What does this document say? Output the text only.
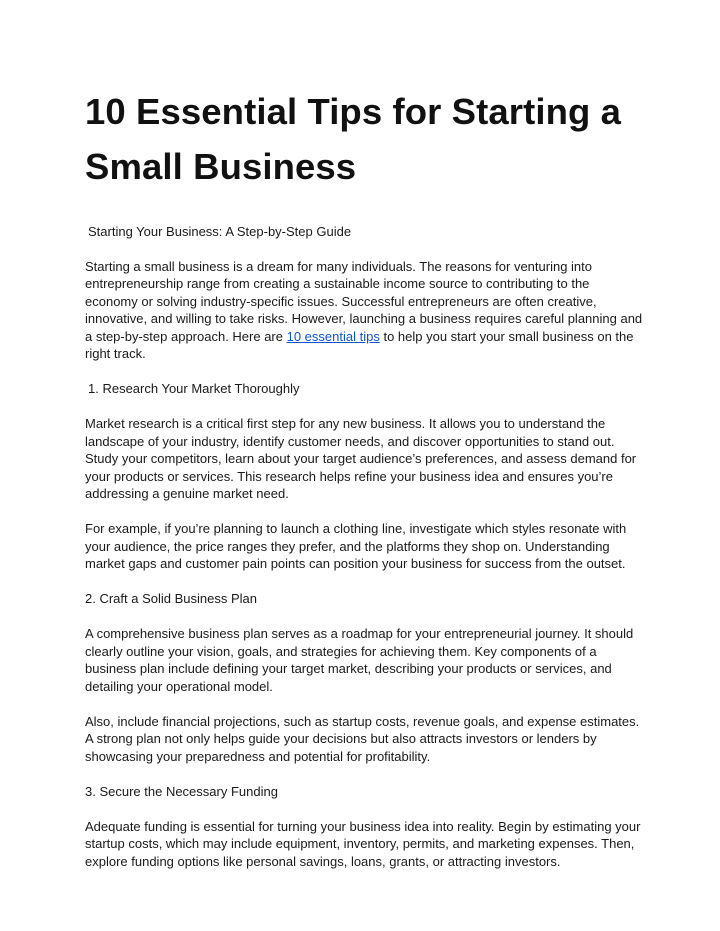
10 Essential Tips for Starting a Small Business

Starting Your Business: A Step-by-Step Guide

Starting a small business is a dream for many individuals. The reasons for venturing into entrepreneurship range from creating a sustainable income source to contributing to the economy or solving industry-specific issues. Successful entrepreneurs are often creative, innovative, and willing to take risks. However, launching a business requires careful planning and a step-by-step approach. Here are 10 essential tips to help you start your small business on the right track.

1. Research Your Market Thoroughly

Market research is a critical first step for any new business. It allows you to understand the landscape of your industry, identify customer needs, and discover opportunities to stand out. Study your competitors, learn about your target audience’s preferences, and assess demand for your products or services. This research helps refine your business idea and ensures you’re addressing a genuine market need.

For example, if you’re planning to launch a clothing line, investigate which styles resonate with your audience, the price ranges they prefer, and the platforms they shop on. Understanding market gaps and customer pain points can position your business for success from the outset.

2. Craft a Solid Business Plan

A comprehensive business plan serves as a roadmap for your entrepreneurial journey. It should clearly outline your vision, goals, and strategies for achieving them. Key components of a business plan include defining your target market, describing your products or services, and detailing your operational model.

Also, include financial projections, such as startup costs, revenue goals, and expense estimates. A strong plan not only helps guide your decisions but also attracts investors or lenders by showcasing your preparedness and potential for profitability.

3. Secure the Necessary Funding

Adequate funding is essential for turning your business idea into reality. Begin by estimating your startup costs, which may include equipment, inventory, permits, and marketing expenses. Then, explore funding options like personal savings, loans, grants, or attracting investors.
